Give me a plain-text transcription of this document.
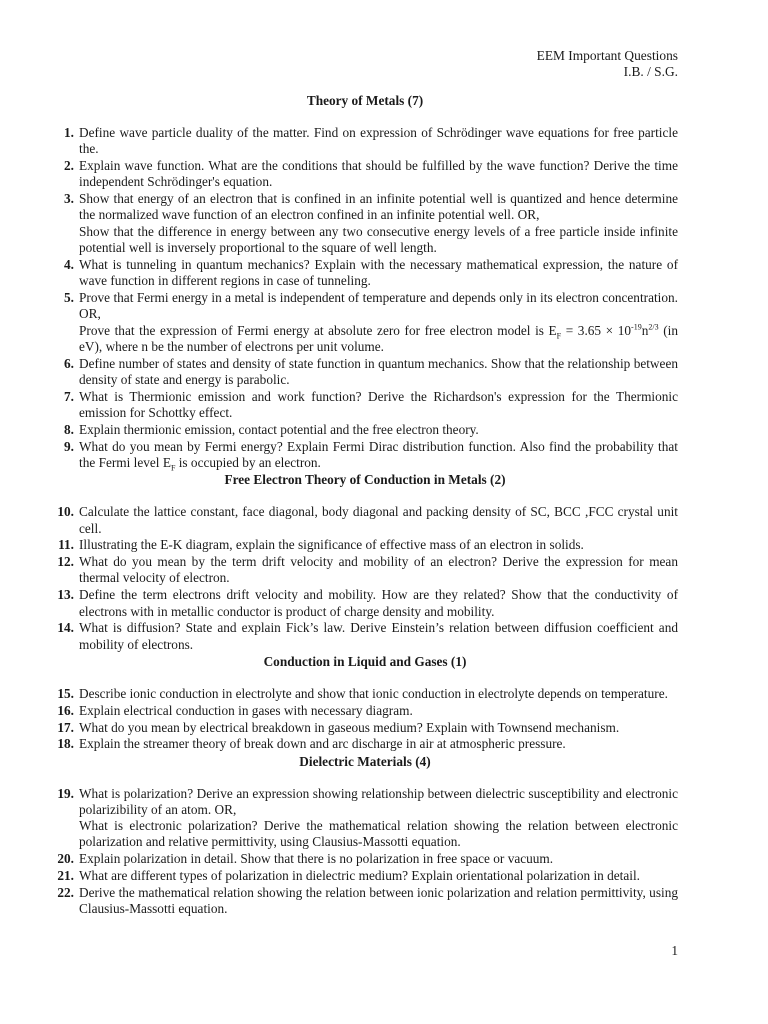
EEM Important Questions
I.B. / S.G.

Theory of Metals (7)

1. Define wave particle duality of the matter. Find on expression of Schrödinger wave equations for free particle the.
2. Explain wave function. What are the conditions that should be fulfilled by the wave function? Derive the time independent Schrödinger's equation.
3. Show that energy of an electron that is confined in an infinite potential well is quantized and hence determine the normalized wave function of an electron confined in an infinite potential well. OR,
Show that the difference in energy between any two consecutive energy levels of a free particle inside infinite potential well is inversely proportional to the square of well length.
4. What is tunneling in quantum mechanics? Explain with the necessary mathematical expression, the nature of wave function in different regions in case of tunneling.
5. Prove that Fermi energy in a metal is independent of temperature and depends only in its electron concentration. OR,
Prove that the expression of Fermi energy at absolute zero for free electron model is $E_F = 3.65 \times 10^{-19}n^{2/3}$ (in eV), where n be the number of electrons per unit volume.
6. Define number of states and density of state function in quantum mechanics. Show that the relationship between density of state and energy is parabolic.
7. What is Thermionic emission and work function? Derive the Richardson's expression for the Thermionic emission for Schottky effect.
8. Explain thermionic emission, contact potential and the free electron theory.
9. What do you mean by Fermi energy? Explain Fermi Dirac distribution function. Also find the probability that the Fermi level $E_F$ is occupied by an electron.

Free Electron Theory of Conduction in Metals (2)

10. Calculate the lattice constant, face diagonal, body diagonal and packing density of SC, BCC ,FCC crystal unit cell.
11. Illustrating the E-K diagram, explain the significance of effective mass of an electron in solids.
12. What do you mean by the term drift velocity and mobility of an electron? Derive the expression for mean thermal velocity of electron.
13. Define the term electrons drift velocity and mobility. How are they related? Show that the conductivity of electrons with in metallic conductor is product of charge density and mobility.
14. What is diffusion? State and explain Fick’s law. Derive Einstein’s relation between diffusion coefficient and mobility of electrons.

Conduction in Liquid and Gases (1)

15. Describe ionic conduction in electrolyte and show that ionic conduction in electrolyte depends on temperature.
16. Explain electrical conduction in gases with necessary diagram.
17. What do you mean by electrical breakdown in gaseous medium? Explain with Townsend mechanism.
18. Explain the streamer theory of break down and arc discharge in air at atmospheric pressure.

Dielectric Materials (4)

19. What is polarization? Derive an expression showing relationship between dielectric susceptibility and electronic polarizibility of an atom. OR,
What is electronic polarization? Derive the mathematical relation showing the relation between electronic polarization and relative permittivity, using Clausius-Massotti equation.
20. Explain polarization in detail. Show that there is no polarization in free space or vacuum.
21. What are different types of polarization in dielectric medium? Explain orientational polarization in detail.
22. Derive the mathematical relation showing the relation between ionic polarization and relation permittivity, using Clausius-Massotti equation.
1
